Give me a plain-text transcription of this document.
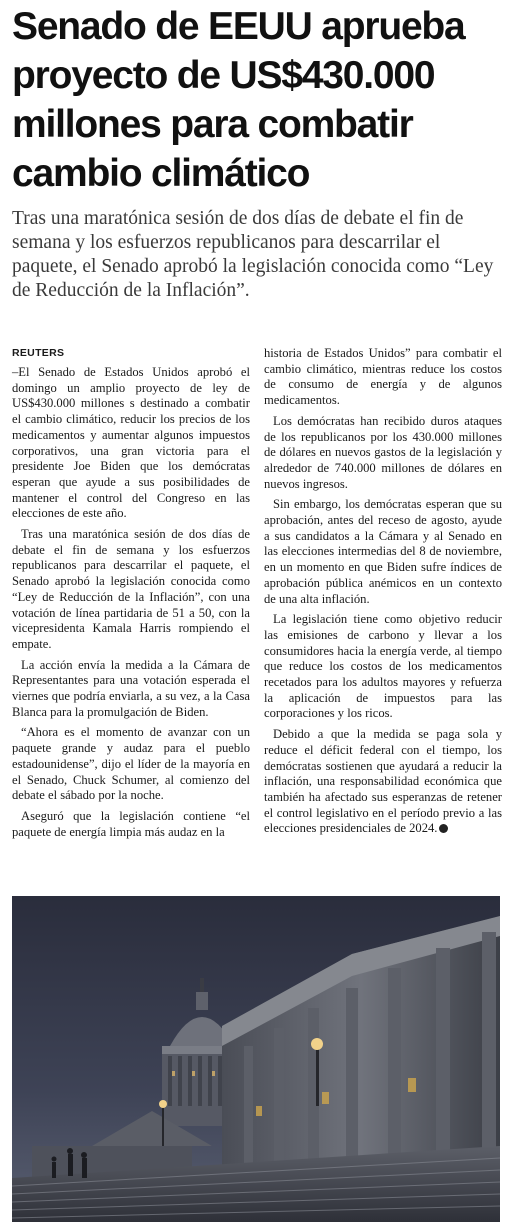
Senado de EEUU aprueba proyecto de US$430.000 millones para combatir cambio climático

Tras una maratónica sesión de dos días de debate el fin de semana y los esfuerzos republicanos para descarrilar el paquete, el Senado aprobó la legislación conocida como “Ley de Reducción de la Inflación”.

REUTERS

–El Senado de Estados Unidos aprobó el domingo un amplio proyecto de ley de US$430.000 millones s destinado a combatir el cambio climático, reducir los precios de los medicamentos y aumentar algunos impuestos corporativos, una gran victoria para el presidente Joe Biden que los demócratas esperan que ayude a sus posibilidades de mantener el control del Congreso en las elecciones de este año.

Tras una maratónica sesión de dos días de debate el fin de semana y los esfuerzos republicanos para descarrilar el paquete, el Senado aprobó la legislación conocida como “Ley de Reducción de la Inflación”, con una votación de línea partidaria de 51 a 50, con la vicepresidenta Kamala Harris rompiendo el empate.

La acción envía la medida a la Cámara de Representantes para una votación esperada el viernes que podría enviarla, a su vez, a la Casa Blanca para la promulgación de Biden.

“Ahora es el momento de avanzar con un paquete grande y audaz para el pueblo estadounidense”, dijo el líder de la mayoría en el Senado, Chuck Schumer, al comienzo del debate el sábado por la noche.

Aseguró que la legislación contiene “el paquete de energía limpia más audaz en la

historia de Estados Unidos” para combatir el cambio climático, mientras reduce los costos de consumo de energía y de algunos medicamentos.

Los demócratas han recibido duros ataques de los republicanos por los 430.000 millones de dólares en nuevos gastos de la legislación y alrededor de 740.000 millones de dólares en nuevos ingresos.

Sin embargo, los demócratas esperan que su aprobación, antes del receso de agosto, ayude a sus candidatos a la Cámara y al Senado en las elecciones intermedias del 8 de noviembre, en un momento en que Biden sufre índices de aprobación pública anémicos en un contexto de una alta inflación.

La legislación tiene como objetivo reducir las emisiones de carbono y llevar a los consumidores hacia la energía verde, al tiempo que reduce los costos de los medicamentos recetados para los adultos mayores y refuerza la aplicación de impuestos para las corporaciones y los ricos.

Debido a que la medida se paga sola y reduce el déficit federal con el tiempo, los demócratas sostienen que ayudará a reducir la inflación, una responsabilidad económica que también ha afectado sus esperanzas de retener el control legislativo en el período previo a las elecciones presidenciales de 2024.
